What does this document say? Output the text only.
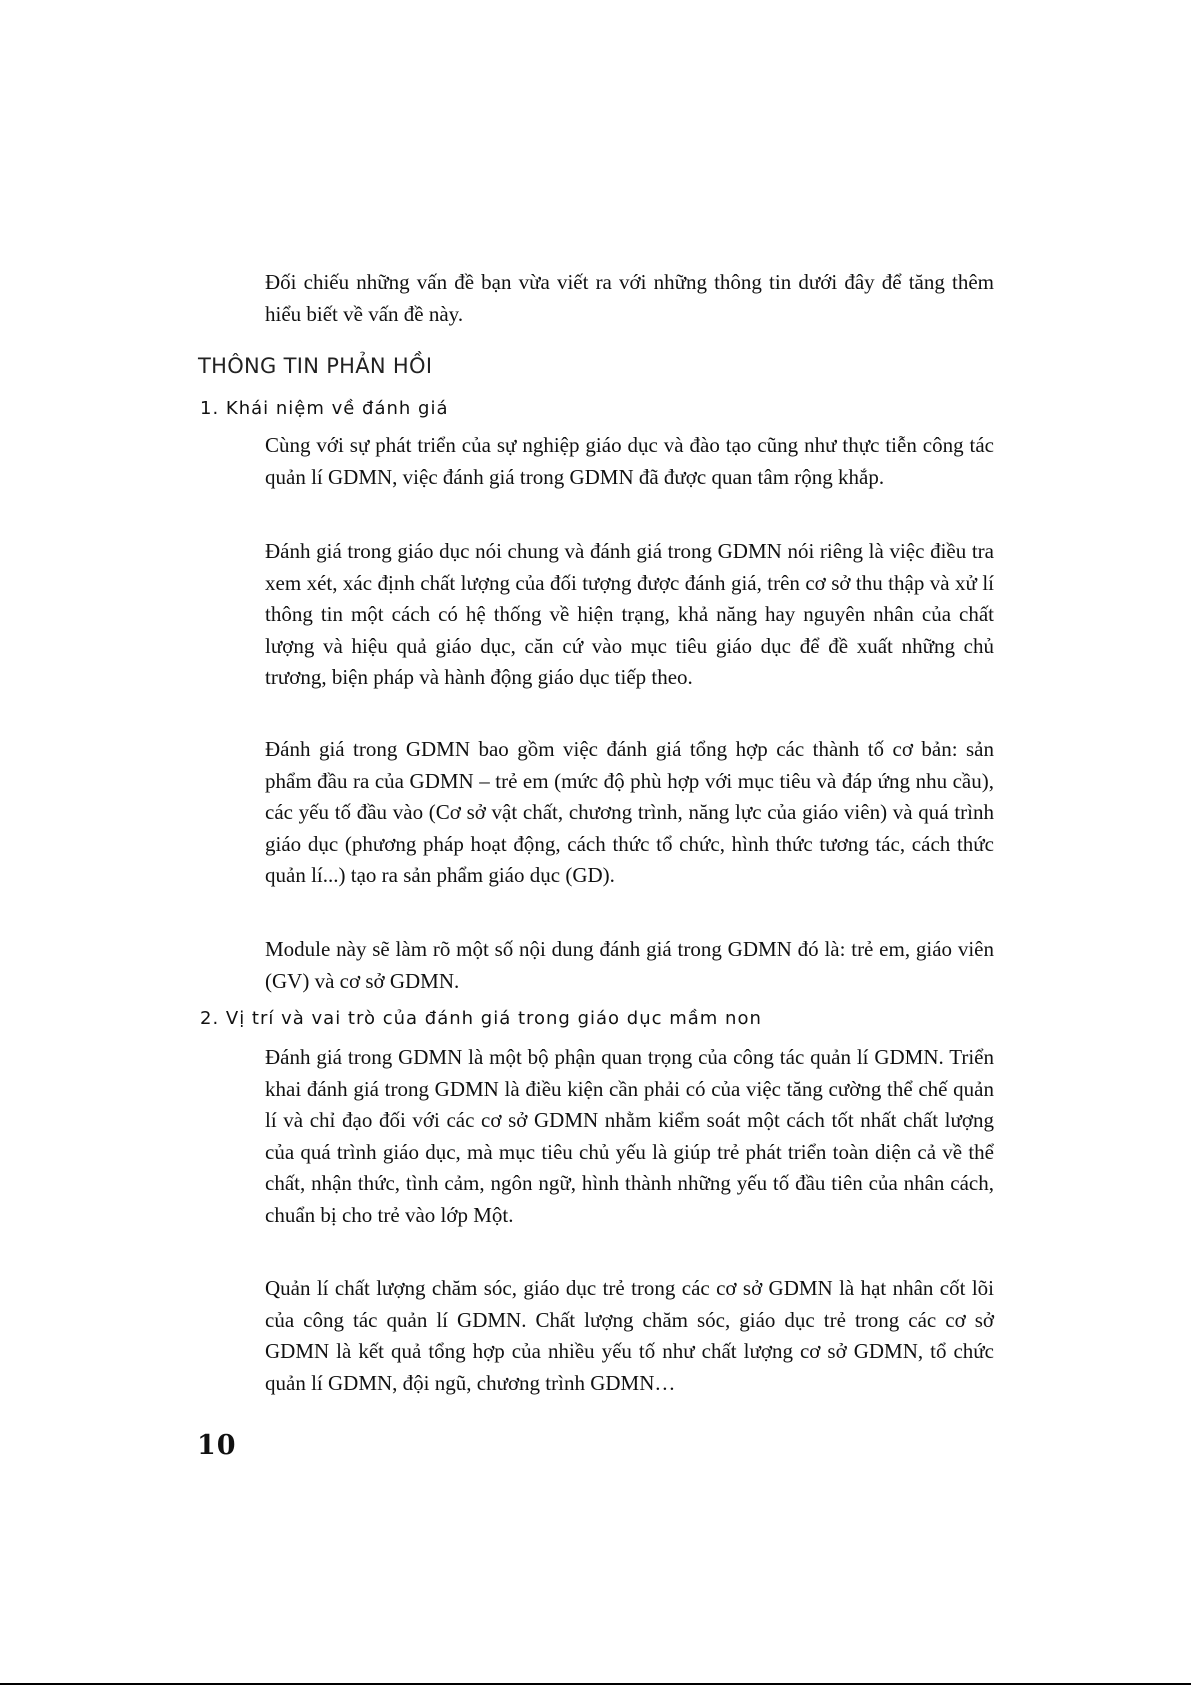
Đối chiếu những vấn đề bạn vừa viết ra với những thông tin dưới đây để tăng thêm hiểu biết về vấn đề này.

THÔNG TIN PHẢN HỒI

1. Khái niệm về đánh giá

Cùng với sự phát triển của sự nghiệp giáo dục và đào tạo cũng như thực tiễn công tác quản lí GDMN, việc đánh giá trong GDMN đã được quan tâm rộng khắp.

Đánh giá trong giáo dục nói chung và đánh giá trong GDMN nói riêng là việc điều tra xem xét, xác định chất lượng của đối tượng được đánh giá, trên cơ sở thu thập và xử lí thông tin một cách có hệ thống về hiện trạng, khả năng hay nguyên nhân của chất lượng và hiệu quả giáo dục, căn cứ vào mục tiêu giáo dục để đề xuất những chủ trương, biện pháp và hành động giáo dục tiếp theo.

Đánh giá trong GDMN bao gồm việc đánh giá tổng hợp các thành tố cơ bản: sản phẩm đầu ra của GDMN – trẻ em (mức độ phù hợp với mục tiêu và đáp ứng nhu cầu), các yếu tố đầu vào (Cơ sở vật chất, chương trình, năng lực của giáo viên) và quá trình giáo dục (phương pháp hoạt động, cách thức tổ chức, hình thức tương tác, cách thức quản lí...) tạo ra sản phẩm giáo dục (GD).

Module này sẽ làm rõ một số nội dung đánh giá trong GDMN đó là: trẻ em, giáo viên (GV) và cơ sở GDMN.

2. Vị trí và vai trò của đánh giá trong giáo dục mầm non

Đánh giá trong GDMN là một bộ phận quan trọng của công tác quản lí GDMN. Triển khai đánh giá trong GDMN là điều kiện cần phải có của việc tăng cường thể chế quản lí và chỉ đạo đối với các cơ sở GDMN nhằm kiểm soát một cách tốt nhất chất lượng của quá trình giáo dục, mà mục tiêu chủ yếu là giúp trẻ phát triển toàn diện cả về thể chất, nhận thức, tình cảm, ngôn ngữ, hình thành những yếu tố đầu tiên của nhân cách, chuẩn bị cho trẻ vào lớp Một.

Quản lí chất lượng chăm sóc, giáo dục trẻ trong các cơ sở GDMN là hạt nhân cốt lõi của công tác quản lí GDMN. Chất lượng chăm sóc, giáo dục trẻ trong các cơ sở GDMN là kết quả tổng hợp của nhiều yếu tố như chất lượng cơ sở GDMN, tổ chức quản lí GDMN, đội ngũ, chương trình GDMN…

10
